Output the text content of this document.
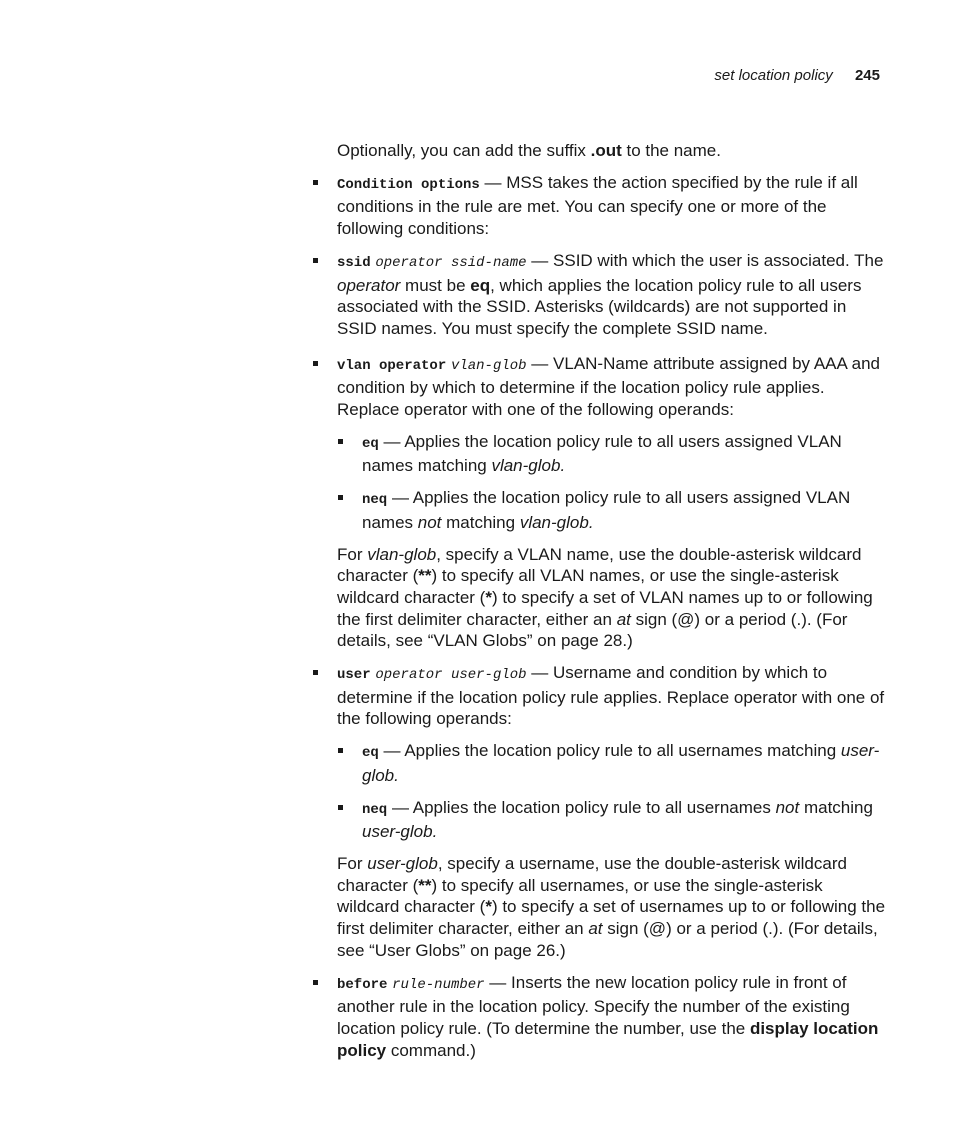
set location policy 245

Optionally, you can add the suffix .out to the name.

Condition options — MSS takes the action specified by the rule if all conditions in the rule are met. You can specify one or more of the following conditions:

ssid operator ssid-name — SSID with which the user is associated. The operator must be eq, which applies the location policy rule to all users associated with the SSID. Asterisks (wildcards) are not supported in SSID names. You must specify the complete SSID name.

vlan operator vlan-glob — VLAN-Name attribute assigned by AAA and condition by which to determine if the location policy rule applies. Replace operator with one of the following operands:

eq — Applies the location policy rule to all users assigned VLAN names matching vlan-glob.

neq — Applies the location policy rule to all users assigned VLAN names not matching vlan-glob.

For vlan-glob, specify a VLAN name, use the double-asterisk wildcard character (**) to specify all VLAN names, or use the single-asterisk wildcard character (*) to specify a set of VLAN names up to or following the first delimiter character, either an at sign (@) or a period (.). (For details, see “VLAN Globs” on page 28.)

user operator user-glob — Username and condition by which to determine if the location policy rule applies. Replace operator with one of the following operands:

eq — Applies the location policy rule to all usernames matching user-glob.

neq — Applies the location policy rule to all usernames not matching user-glob.

For user-glob, specify a username, use the double-asterisk wildcard character (**) to specify all usernames, or use the single-asterisk wildcard character (*) to specify a set of usernames up to or following the first delimiter character, either an at sign (@) or a period (.). (For details, see “User Globs” on page 26.)

before rule-number — Inserts the new location policy rule in front of another rule in the location policy. Specify the number of the existing location policy rule. (To determine the number, use the display location policy command.)
